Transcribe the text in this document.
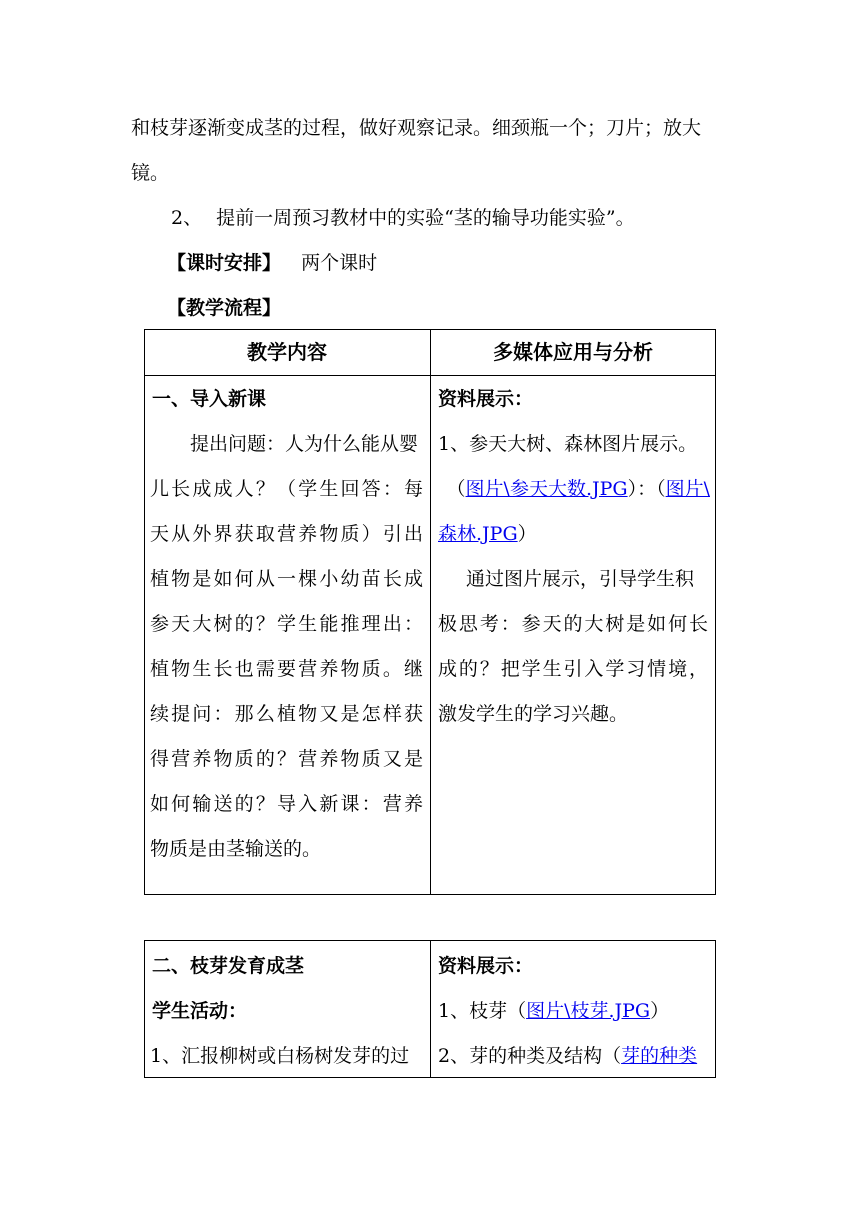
和枝芽逐渐变成茎的过程，做好观察记录。细颈瓶一个；刀片；放大
镜。
2、 提前一周预习教材中的实验“茎的输导功能实验”。
【课时安排】 两个课时
【教学流程】
教学内容	多媒体应用与分析
一、导入新课
提出问题：人为什么能从婴
儿长成成人？（学生回答：每
天从外界获取营养物质）引出
植物是如何从一棵小幼苗长成
参天大树的？学生能推理出：
植物生长也需要营养物质。继
续提问：那么植物又是怎样获
得营养物质的？营养物质又是
如何输送的？导入新课：营养
物质是由茎输送的。
资料展示：
1、参天大树、森林图片展示。
（图片\参天大数.JPG）：（图片\
森林.JPG）
通过图片展示，引导学生积
极思考：参天的大树是如何长
成的？把学生引入学习情境，
激发学生的学习兴趣。
二、枝芽发育成茎
学生活动：
1、汇报柳树或白杨树发芽的过
资料展示：
1、枝芽（图片\枝芽.JPG）
2、芽的种类及结构（芽的种类
